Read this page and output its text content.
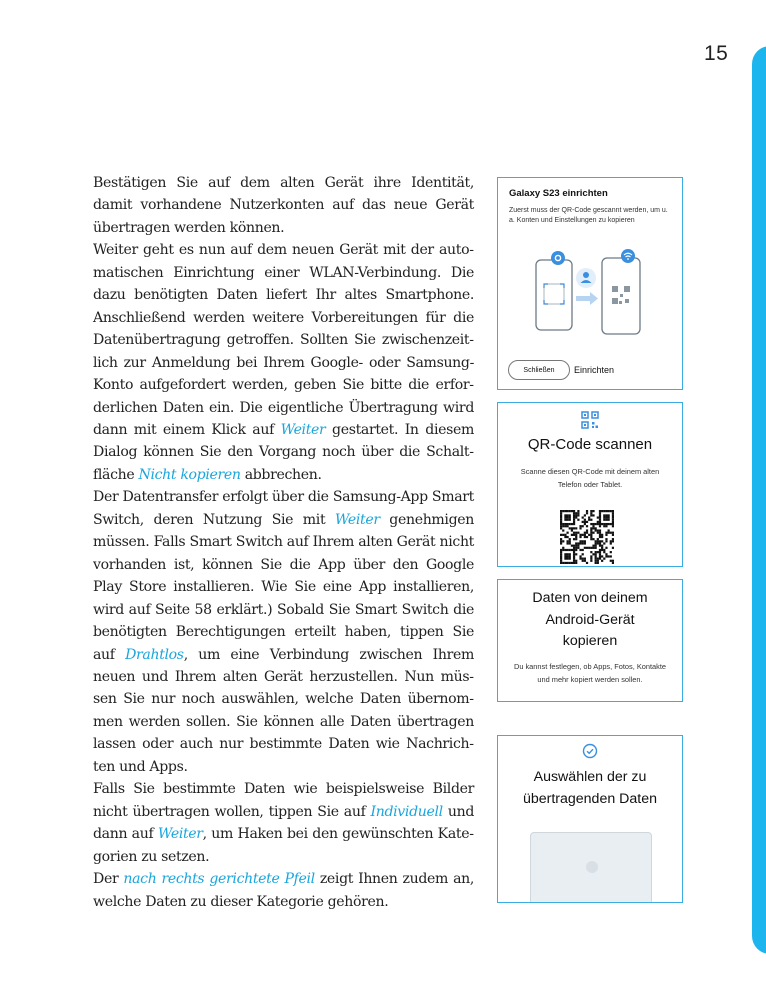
15

Bestätigen Sie auf dem alten Gerät ihre Identität, damit vorhandene Nutzerkonten auf das neue Gerät übertragen werden können.

Weiter geht es nun auf dem neuen Gerät mit der automatischen Einrichtung einer WLAN-Verbindung. Die dazu benötigten Daten liefert Ihr altes Smartphone. Anschließend werden weitere Vorbereitungen für die Datenübertragung getroffen. Sollten Sie zwischenzeitlich zur Anmeldung bei Ihrem Google- oder Samsung-Konto aufgefordert werden, geben Sie bitte die erforderlichen Daten ein. Die eigentliche Übertragung wird dann mit einem Klick auf Weiter gestartet. In diesem Dialog können Sie den Vorgang noch über die Schaltfläche Nicht kopieren abbrechen.

Der Datentransfer erfolgt über die Samsung-App Smart Switch, deren Nutzung Sie mit Weiter genehmigen müssen. Falls Smart Switch auf Ihrem alten Gerät nicht vorhanden ist, können Sie die App über den Google Play Store installieren. Wie Sie eine App installieren, wird auf Seite 58 erklärt.) Sobald Sie Smart Switch die benötigten Berechtigungen erteilt haben, tippen Sie auf Drahtlos, um eine Verbindung zwischen Ihrem neuen und Ihrem alten Gerät herzustellen. Nun müssen Sie nur noch auswählen, welche Daten übernommen werden sollen. Sie können alle Daten übertragen lassen oder auch nur bestimmte Daten wie Nachrichten und Apps.

Falls Sie bestimmte Daten wie beispielsweise Bilder nicht übertragen wollen, tippen Sie auf Individuell und dann auf Weiter, um Haken bei den gewünschten Kategorien zu setzen.

Der nach rechts gerichtete Pfeil zeigt Ihnen zudem an, welche Daten zu dieser Kategorie gehören.

Galaxy S23 einrichten
Zuerst muss der QR-Code gescannt werden, um u. a. Konten und Einstellungen zu kopieren
Schließen	Einrichten
QR-Code scannen
Scanne diesen QR-Code mit deinem alten Telefon oder Tablet.
Daten von deinem Android-Gerät kopieren
Du kannst festlegen, ob Apps, Fotos, Kontakte und mehr kopiert werden sollen.
Auswählen der zu übertragenden Daten
